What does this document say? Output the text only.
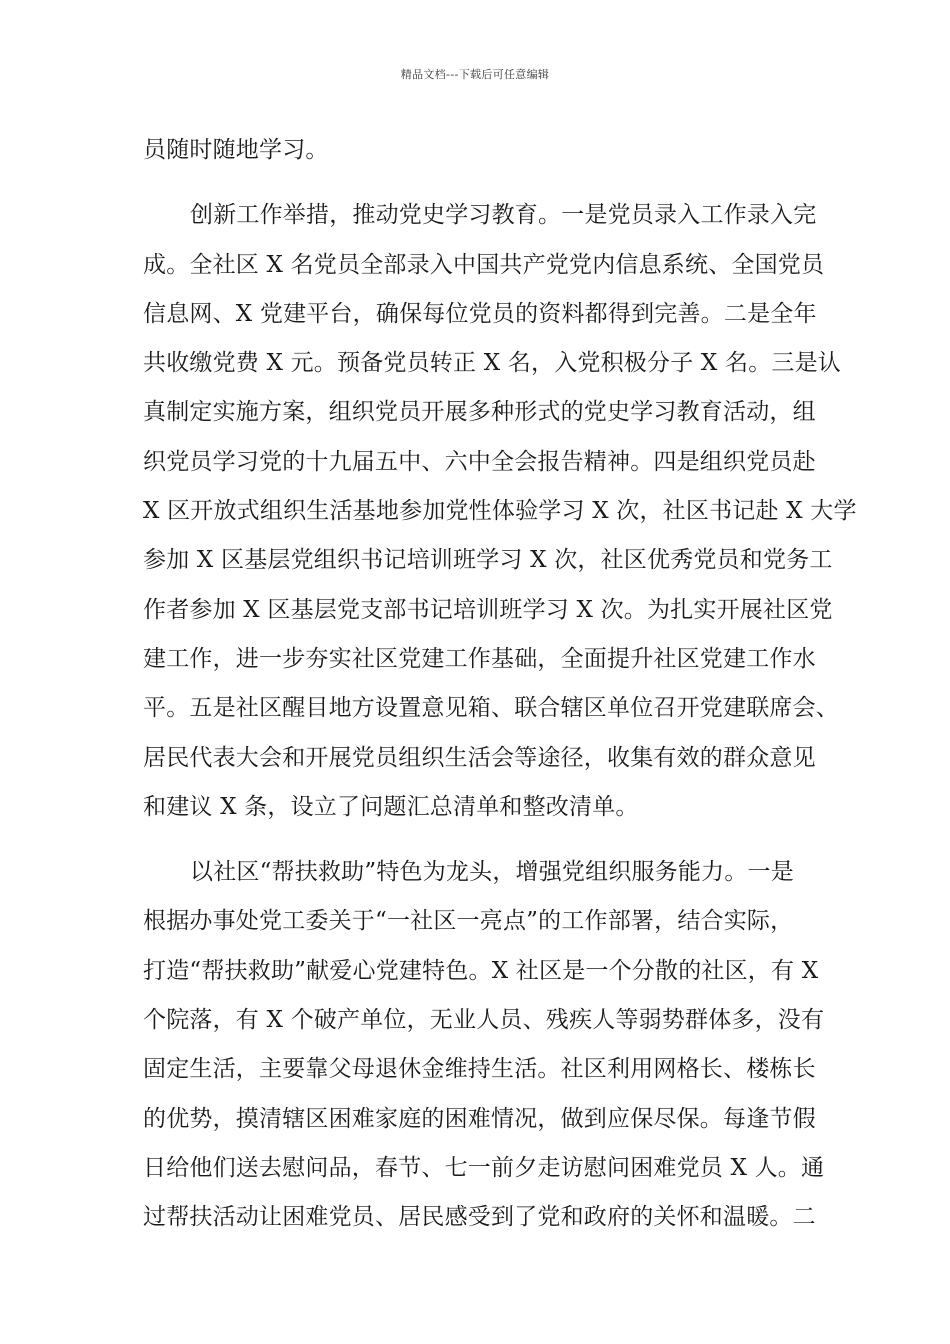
精品文档---下载后可任意编辑
员随时随地学习。
创新工作举措，推动党史学习教育。一是党员录入工作录入完
成。全社区 X 名党员全部录入中国共产党党内信息系统、全国党员
信息网、X 党建平台，确保每位党员的资料都得到完善。二是全年
共收缴党费 X 元。预备党员转正 X 名，入党积极分子 X 名。三是认
真制定实施方案，组织党员开展多种形式的党史学习教育活动，组
织党员学习党的十九届五中、六中全会报告精神。四是组织党员赴
X 区开放式组织生活基地参加党性体验学习 X 次，社区书记赴 X 大学
参加 X 区基层党组织书记培训班学习 X 次，社区优秀党员和党务工
作者参加 X 区基层党支部书记培训班学习 X 次。为扎实开展社区党
建工作，进一步夯实社区党建工作基础，全面提升社区党建工作水
平。五是社区醒目地方设置意见箱、联合辖区单位召开党建联席会、
居民代表大会和开展党员组织生活会等途径，收集有效的群众意见
和建议 X 条，设立了问题汇总清单和整改清单。
以社区“帮扶救助”特色为龙头，增强党组织服务能力。一是
根据办事处党工委关于“一社区一亮点”的工作部署，结合实际，
打造“帮扶救助”献爱心党建特色。X 社区是一个分散的社区，有 X
个院落，有 X 个破产单位，无业人员、残疾人等弱势群体多，没有
固定生活，主要靠父母退休金维持生活。社区利用网格长、楼栋长
的优势，摸清辖区困难家庭的困难情况，做到应保尽保。每逢节假
日给他们送去慰问品，春节、七一前夕走访慰问困难党员 X 人。通
过帮扶活动让困难党员、居民感受到了党和政府的关怀和温暖。二
